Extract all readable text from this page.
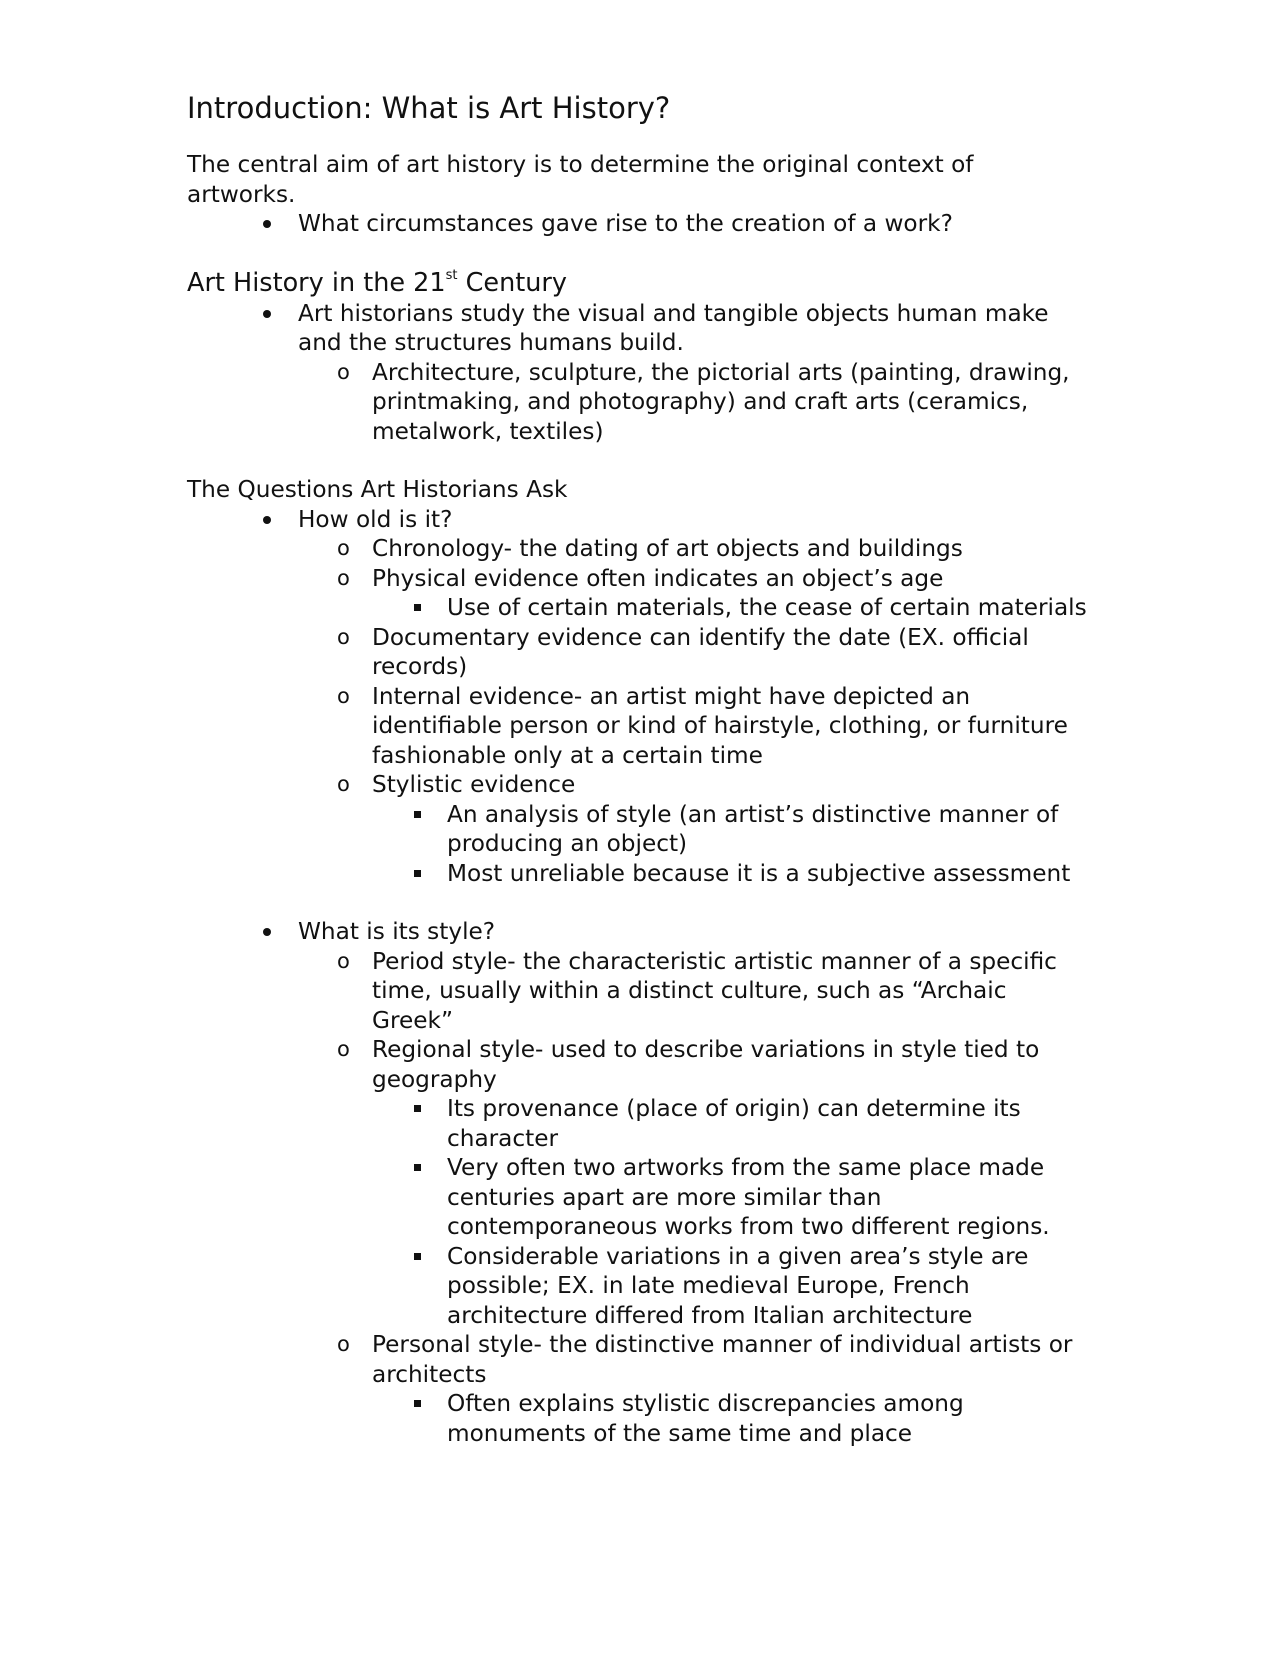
Introduction: What is Art History?

The central aim of art history is to determine the original context of artworks.

What circumstances gave rise to the creation of a work?
Art History in the 21st Century
Art historians study the visual and tangible objects human make and the structures humans build.
o Architecture, sculpture, the pictorial arts (painting, drawing, printmaking, and photography) and craft arts (ceramics, metalwork, textiles)

The Questions Art Historians Ask

How old is it?
o Chronology- the dating of art objects and buildings
o Physical evidence often indicates an object’s age
Use of certain materials, the cease of certain materials
o Documentary evidence can identify the date (EX. official records)
o Internal evidence- an artist might have depicted an identifiable person or kind of hairstyle, clothing, or furniture fashionable only at a certain time
o Stylistic evidence
An analysis of style (an artist’s distinctive manner of producing an object)
Most unreliable because it is a subjective assessment
What is its style?
o Period style- the characteristic artistic manner of a specific time, usually within a distinct culture, such as “Archaic Greek”
o Regional style- used to describe variations in style tied to geography
Its provenance (place of origin) can determine its character
Very often two artworks from the same place made centuries apart are more similar than contemporaneous works from two different regions.
Considerable variations in a given area’s style are possible; EX. in late medieval Europe, French architecture differed from Italian architecture
o Personal style- the distinctive manner of individual artists or architects
Often explains stylistic discrepancies among monuments of the same time and place
